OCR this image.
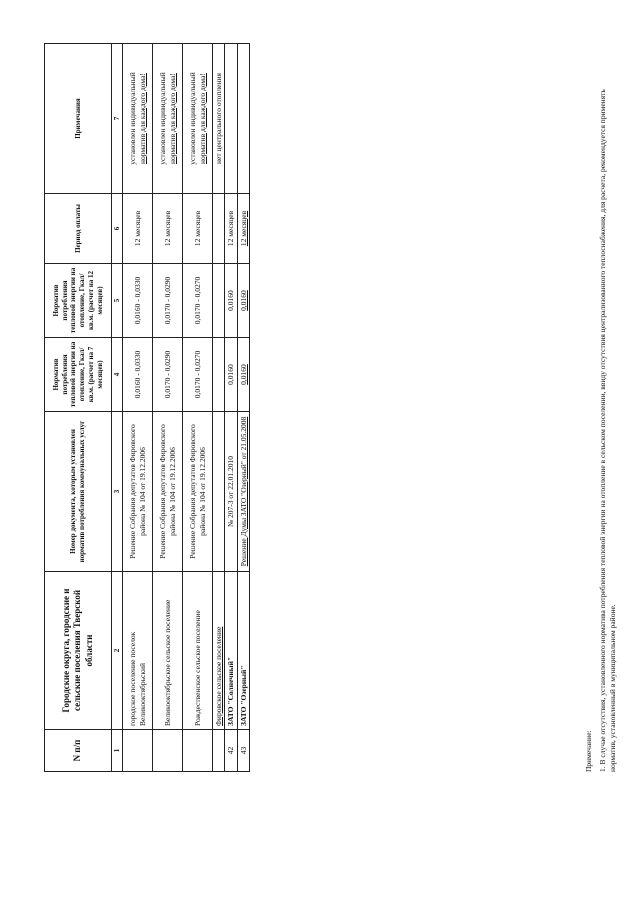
N п/п	Городские округа, городские и сельские поселения Тверской области	Номер документа, которым установлен норматив потребления коммунальных услуг	Норматив потребления тепловой энергии на отопление, Гкал/кв.м. (расчет на 7 месяцев)	Норматив потребления тепловой энергии на отопление, Гкал/кв.м. (расчет на 12 месяцев)	Период оплаты	Примечания
1	2	3	4	5	6	7
	городское поселение поселок Великооктябрьский	Решение Собрания депутатов Фировского района № 104 от 19.12.2006	0,0160 - 0,0330	0,0160 - 0,0330	12 месяцев	установлен индивидуальный
норматив для каждого дома!
	Великооктябрьское сельское поселение	Решение Собрания депутатов Фировского района № 104 от 19.12.2006	0,0170 - 0,0290	0,0170 - 0,0290	12 месяцев	установлен индивидуальный
норматив для каждого дома!
	Рождественское сельское поселение	Решение Собрания депутатов Фировского района № 104 от 19.12.2006	0,0170 - 0,0270	0,0170 - 0,0270	12 месяцев	установлен индивидуальный
норматив для каждого дома!
	Фировское сельское поселение					нет центрального отопления
42	ЗАТО "Солнечный"	№ 207-3 от 22.01.2010	0,0160	0,0160	12 месяцев	
43	ЗАТО "Озерный"	Решение Думы ЗАТО "Озерный" от 21.05.2008	0,0160	0,0160	12 месяцев	
Примечание: 1. В случае отсутствия, установленного норматива потребления тепловой энергии на отопление в сельском поселении, ввиду отсутствия централизованного теплоснабжения, для расчета, рекомендуется применять норматив, установленный в муниципальном районе.
